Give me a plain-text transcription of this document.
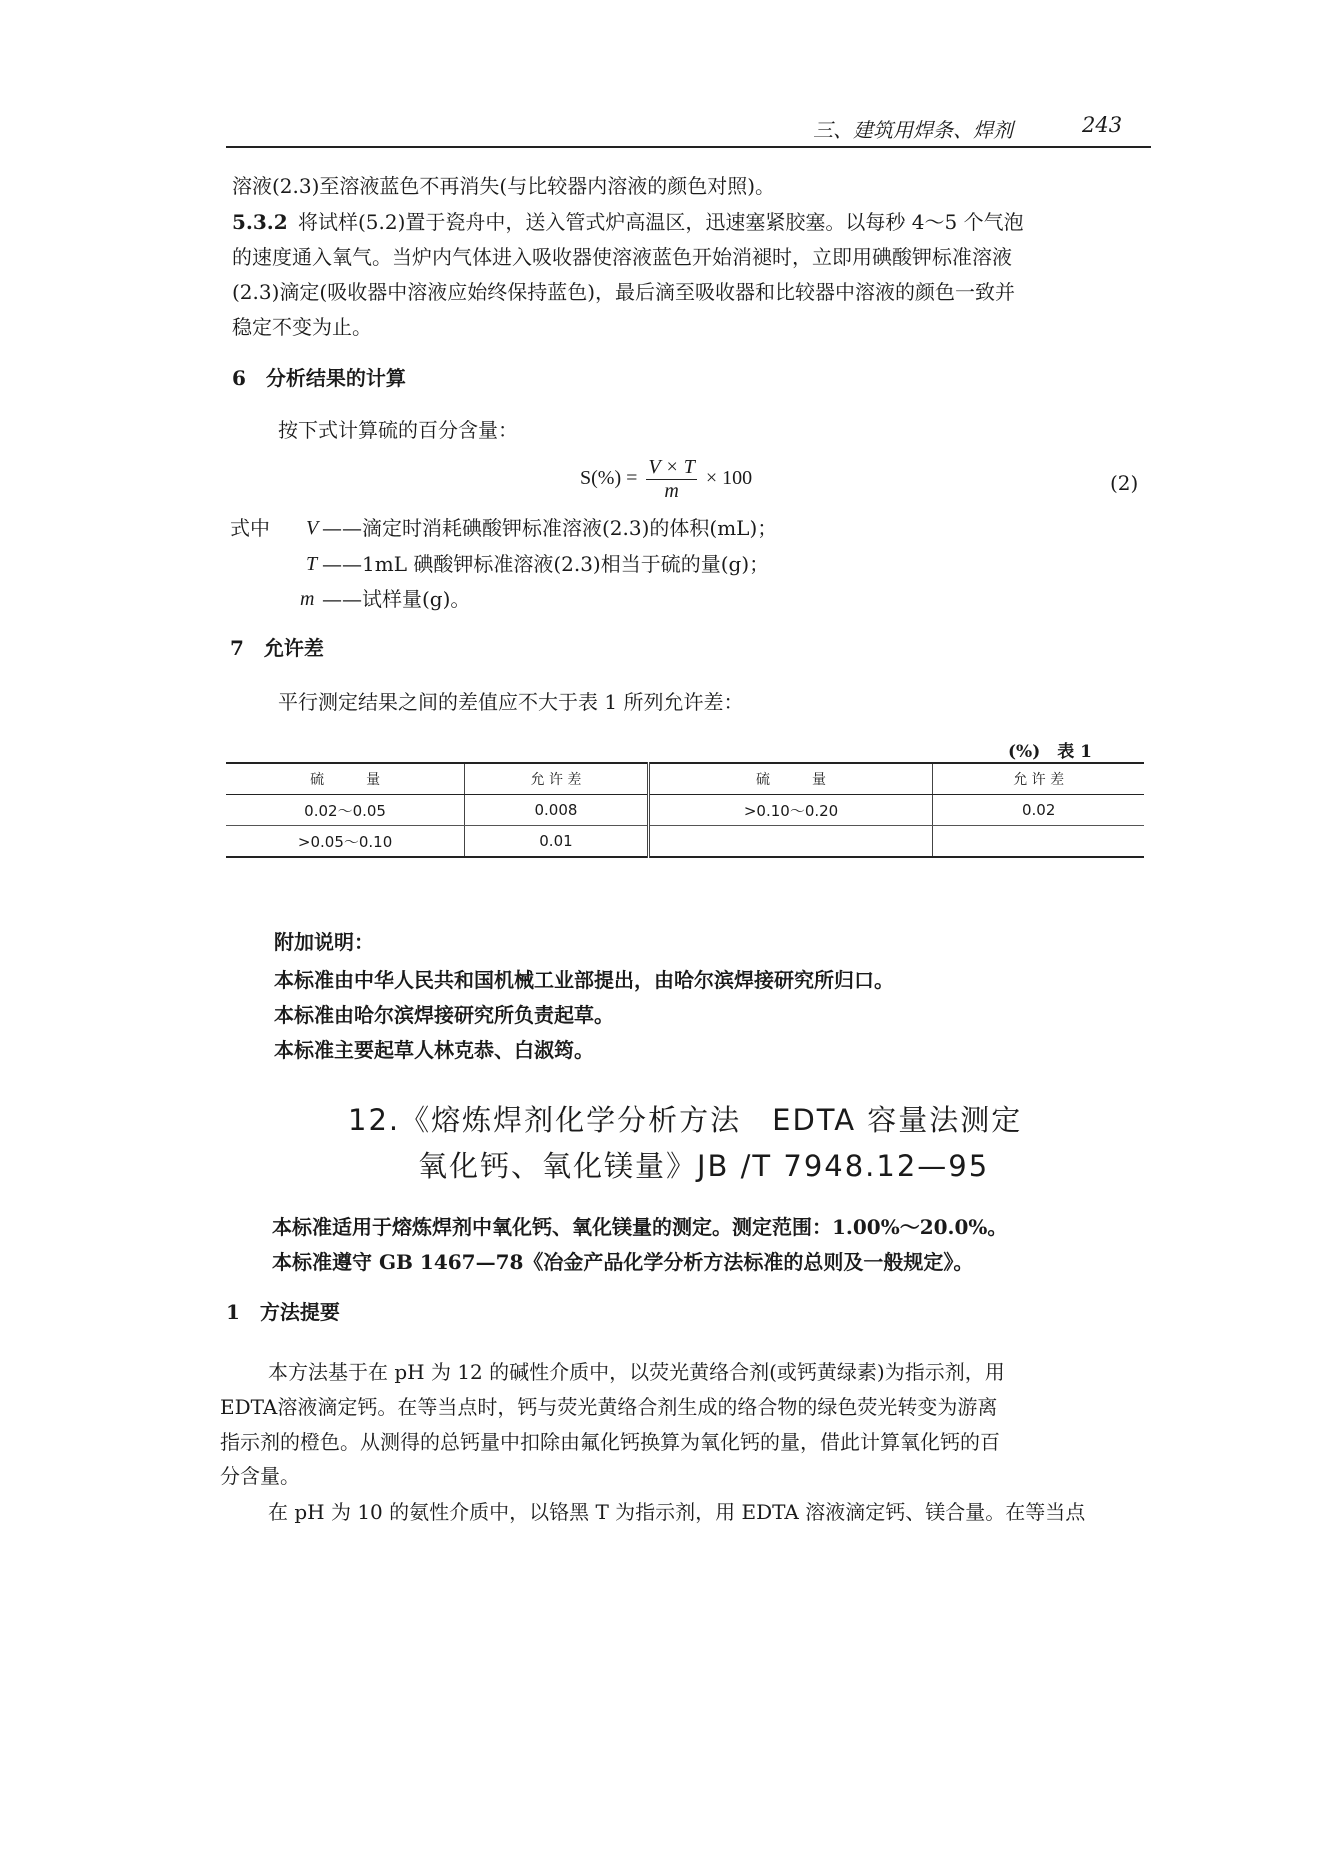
三、建筑用焊条、焊剂	243
溶液(2.3)至溶液蓝色不再消失(与比较器内溶液的颜色对照)。
5.3.2 将试样(5.2)置于瓷舟中，送入管式炉高温区，迅速塞紧胶塞。以每秒 4～5 个气泡
的速度通入氧气。当炉内气体进入吸收器使溶液蓝色开始消褪时，立即用碘酸钾标准溶液
(2.3)滴定(吸收器中溶液应始终保持蓝色)，最后滴至吸收器和比较器中溶液的颜色一致并
稳定不变为止。
6　分析结果的计算
按下式计算硫的百分含量：
$S(\%) = \frac{V \times T}{m} \times 100$	(2)
式中 V ——滴定时消耗碘酸钾标准溶液(2.3)的体积(mL)；
T ——1mL 碘酸钾标准溶液(2.3)相当于硫的量(g)；
m ——试样量(g)。
7　允许差
平行测定结果之间的差值应不大于表 1 所列允许差：
(%)　表 1
硫　　　量	允 许 差	硫　　　量	允 许 差
0.02～0.05	0.008	>0.10～0.20	0.02
>0.05～0.10	0.01		
附加说明：
本标准由中华人民共和国机械工业部提出，由哈尔滨焊接研究所归口。
本标准由哈尔滨焊接研究所负责起草。
本标准主要起草人林克恭、白淑筠。
12.《熔炼焊剂化学分析方法　EDTA 容量法测定
氧化钙、氧化镁量》JB /T 7948.12—95
本标准适用于熔炼焊剂中氧化钙、氧化镁量的测定。测定范围：1.00%～20.0%。
本标准遵守 GB 1467—78《冶金产品化学分析方法标准的总则及一般规定》。
1　方法提要
本方法基于在 pH 为 12 的碱性介质中，以荧光黄络合剂(或钙黄绿素)为指示剂，用
EDTA溶液滴定钙。在等当点时，钙与荧光黄络合剂生成的络合物的绿色荧光转变为游离
指示剂的橙色。从测得的总钙量中扣除由氟化钙换算为氧化钙的量，借此计算氧化钙的百
分含量。
在 pH 为 10 的氨性介质中，以铬黑 T 为指示剂，用 EDTA 溶液滴定钙、镁合量。在等当点
